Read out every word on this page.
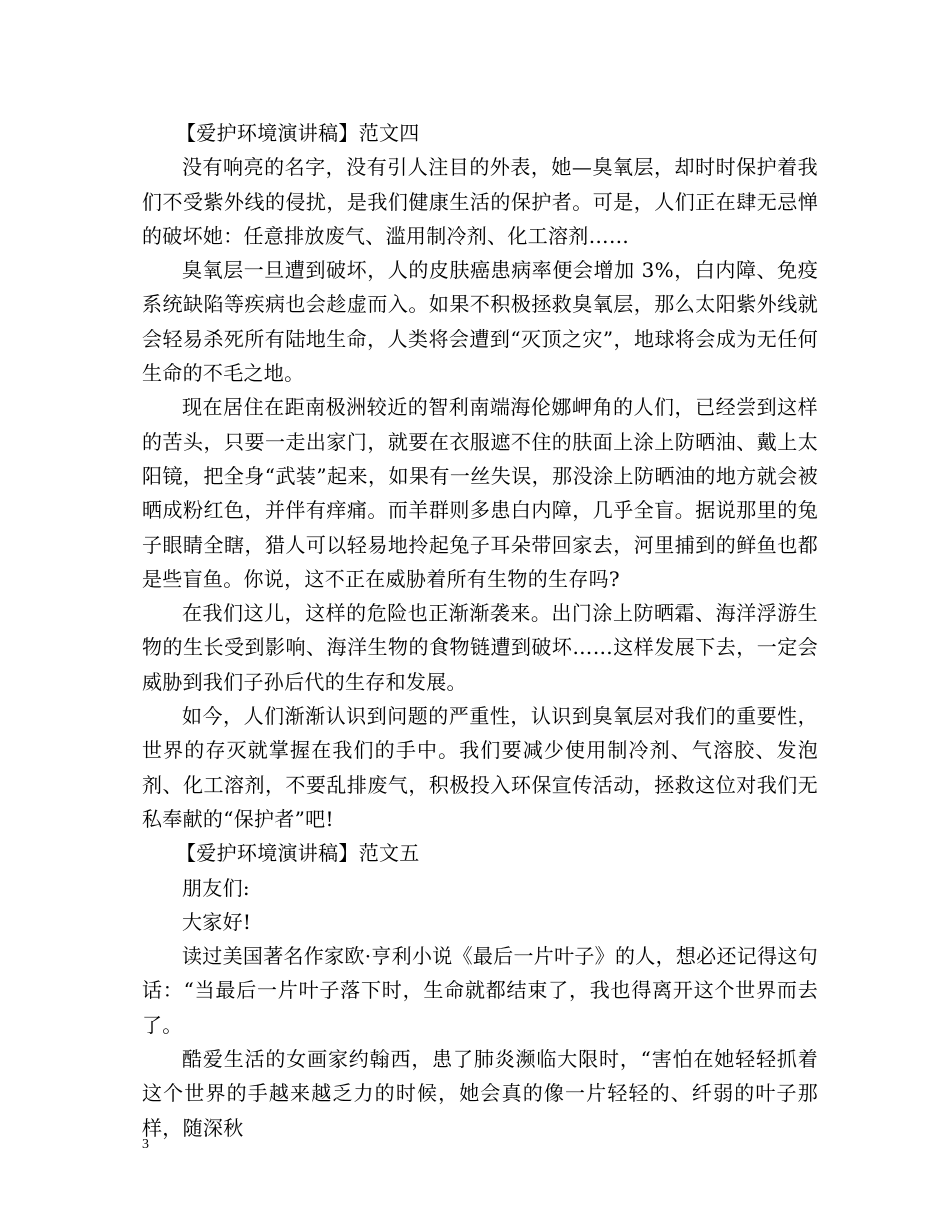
【爱护环境演讲稿】范文四

没有响亮的名字，没有引人注目的外表，她—臭氧层，却时时保护着我们不受紫外线的侵扰，是我们健康生活的保护者。可是，人们正在肆无忌惮的破坏她：任意排放废气、滥用制冷剂、化工溶剂……

臭氧层一旦遭到破坏，人的皮肤癌患病率便会增加 3%，白内障、免疫系统缺陷等疾病也会趁虚而入。如果不积极拯救臭氧层，那么太阳紫外线就会轻易杀死所有陆地生命，人类将会遭到“灭顶之灾”，地球将会成为无任何生命的不毛之地。

现在居住在距南极洲较近的智利南端海伦娜岬角的人们，已经尝到这样的苦头，只要一走出家门，就要在衣服遮不住的肤面上涂上防晒油、戴上太阳镜，把全身“武装”起来，如果有一丝失误，那没涂上防晒油的地方就会被晒成粉红色，并伴有痒痛。而羊群则多患白内障，几乎全盲。据说那里的兔子眼睛全瞎，猎人可以轻易地拎起兔子耳朵带回家去，河里捕到的鲜鱼也都是些盲鱼。你说，这不正在威胁着所有生物的生存吗?

在我们这儿，这样的危险也正渐渐袭来。出门涂上防晒霜、海洋浮游生物的生长受到影响、海洋生物的食物链遭到破坏……这样发展下去，一定会威胁到我们子孙后代的生存和发展。

如今，人们渐渐认识到问题的严重性，认识到臭氧层对我们的重要性，世界的存灭就掌握在我们的手中。我们要减少使用制冷剂、气溶胶、发泡剂、化工溶剂，不要乱排废气，积极投入环保宣传活动，拯救这位对我们无私奉献的“保护者”吧!

【爱护环境演讲稿】范文五

朋友们:

大家好!

读过美国著名作家欧·亨利小说《最后一片叶子》的人，想必还记得这句话：“当最后一片叶子落下时，生命就都结束了，我也得离开这个世界而去了。

酷爱生活的女画家约翰西，患了肺炎濒临大限时，“害怕在她轻轻抓着这个世界的手越来越乏力的时候，她会真的像一片轻轻的、纤弱的叶子那样，随深秋

3
